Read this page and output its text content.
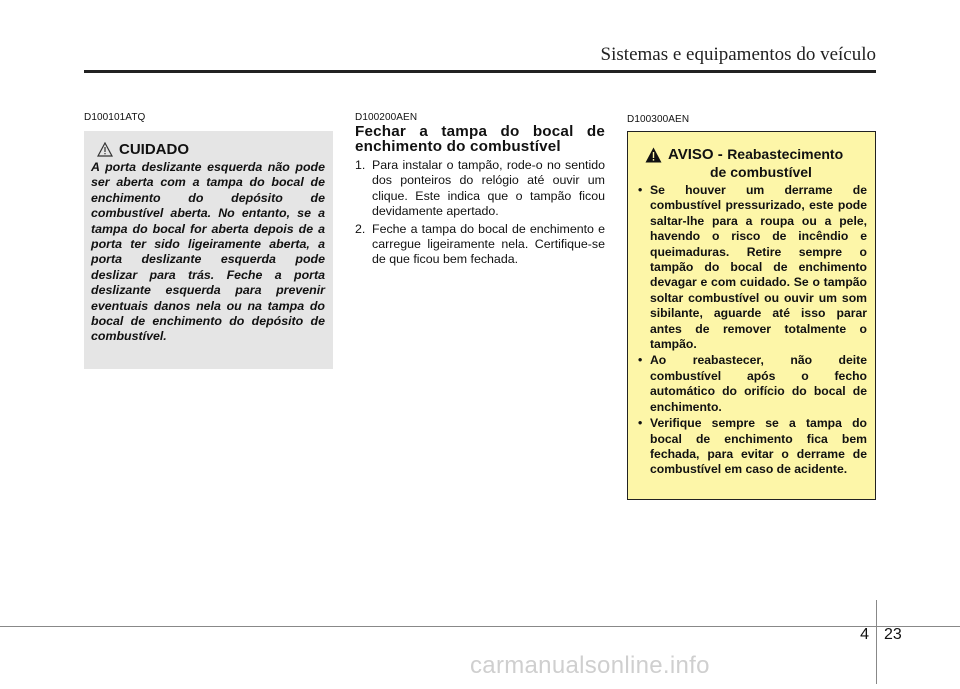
Sistemas e equipamentos do veículo
D100101ATQ
CUIDADO
A porta deslizante esquerda não pode ser aberta com a tampa do bocal de enchimento do depósito de combustível aberta. No entanto, se a tampa do bocal for aberta depois de a porta ter sido ligeiramente aberta, a porta deslizante esquerda pode deslizar para trás. Feche a porta deslizante esquerda para prevenir eventuais danos nela ou na tampa do bocal de enchimento do depósito de combustível.
D100200AEN
Fechar a tampa do bocal de enchimento do combustível
1. Para instalar o tampão, rode-o no sentido dos ponteiros do relógio até ouvir um clique. Este indica que o tampão ficou devidamente apertado.
2. Feche a tampa do bocal de enchimento e carregue ligeiramente nela. Certifique-se de que ficou bem fechada.
D100300AEN
AVISO - Reabastecimento
de combustível
• Se houver um derrame de combustível pressurizado, este pode saltar-lhe para a roupa ou a pele, havendo o risco de incêndio e queimaduras. Retire sempre o tampão do bocal de enchimento devagar e com cuidado. Se o tampão soltar combustível ou ouvir um som sibilante, aguarde até isso parar antes de remover totalmente o tampão.
• Ao reabastecer, não deite combustível após o fecho automático do orifício do bocal de enchimento.
• Verifique sempre se a tampa do bocal de enchimento fica bem fechada, para evitar o derrame de combustível em caso de acidente.
4 23
carmanualsonline.info
